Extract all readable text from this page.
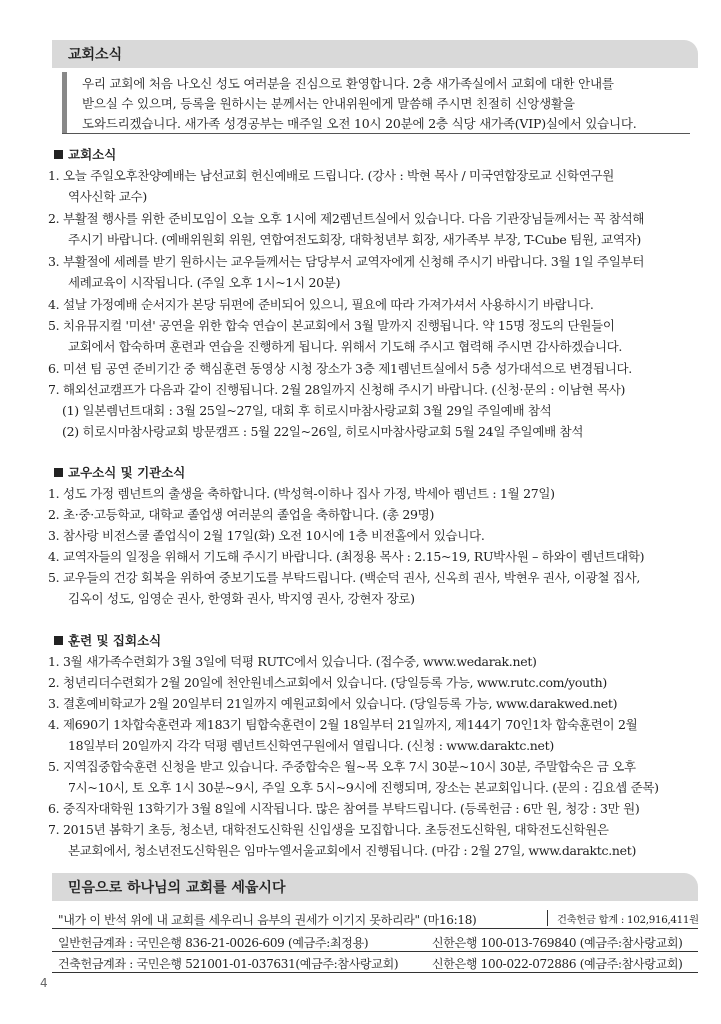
교회소식
우리 교회에 처음 나오신 성도 여러분을 진심으로 환영합니다. 2층 새가족실에서 교회에 대한 안내를
받으실 수 있으며, 등록을 원하시는 분께서는 안내위원에게 말씀해 주시면 친절히 신앙생활을
도와드리겠습니다. 새가족 성경공부는 매주일 오전 10시 20분에 2층 식당 새가족(VIP)실에서 있습니다.
교회소식
1. 오늘 주일오후찬양예배는 남선교회 헌신예배로 드립니다. (강사 : 박현 목사 / 미국연합장로교 신학연구원
역사신학 교수)
2. 부활절 행사를 위한 준비모임이 오늘 오후 1시에 제2렘넌트실에서 있습니다. 다음 기관장님들께서는 꼭 참석해
주시기 바랍니다. (예배위원회 위원, 연합여전도회장, 대학청년부 회장, 새가족부 부장, T-Cube 팀원, 교역자)
3. 부활절에 세례를 받기 원하시는 교우들께서는 담당부서 교역자에게 신청해 주시기 바랍니다. 3월 1일 주일부터
세례교육이 시작됩니다. (주일 오후 1시~1시 20분)
4. 설날 가정예배 순서지가 본당 뒤편에 준비되어 있으니, 필요에 따라 가져가셔서 사용하시기 바랍니다.
5. 치유뮤지컬 '미션' 공연을 위한 합숙 연습이 본교회에서 3월 말까지 진행됩니다. 약 15명 정도의 단원들이
교회에서 합숙하며 훈련과 연습을 진행하게 됩니다. 위해서 기도해 주시고 협력해 주시면 감사하겠습니다.
6. 미션 팀 공연 준비기간 중 핵심훈련 동영상 시청 장소가 3층 제1렘넌트실에서 5층 성가대석으로 변경됩니다.
7. 해외선교캠프가 다음과 같이 진행됩니다. 2월 28일까지 신청해 주시기 바랍니다. (신청·문의 : 이남현 목사)
(1) 일본렘넌트대회 : 3월 25일~27일, 대회 후 히로시마참사랑교회 3월 29일 주일예배 참석
(2) 히로시마참사랑교회 방문캠프 : 5월 22일~26일, 히로시마참사랑교회 5월 24일 주일예배 참석
교우소식 및 기관소식
1. 성도 가정 렘넌트의 출생을 축하합니다. (박성혁-이하나 집사 가정, 박세아 렘넌트 : 1월 27일)
2. 초·중·고등학교, 대학교 졸업생 여러분의 졸업을 축하합니다. (총 29명)
3. 참사랑 비전스쿨 졸업식이 2월 17일(화) 오전 10시에 1층 비전홀에서 있습니다.
4. 교역자들의 일정을 위해서 기도해 주시기 바랍니다. (최정용 목사 : 2.15~19, RU박사원 – 하와이 렘넌트대학)
5. 교우들의 건강 회복을 위하여 중보기도를 부탁드립니다. (백순덕 권사, 신옥희 권사, 박현우 권사, 이광철 집사,
김옥이 성도, 임영순 권사, 한영화 권사, 박지영 권사, 강현자 장로)
훈련 및 집회소식
1. 3월 새가족수련회가 3월 3일에 덕평 RUTC에서 있습니다. (접수중, www.wedarak.net)
2. 청년리더수련회가 2월 20일에 천안원네스교회에서 있습니다. (당일등록 가능, www.rutc.com/youth)
3. 결혼예비학교가 2월 20일부터 21일까지 예원교회에서 있습니다. (당일등록 가능, www.darakwed.net)
4. 제690기 1차합숙훈련과 제183기 팀합숙훈련이 2월 18일부터 21일까지, 제144기 70인1차 합숙훈련이 2월
18일부터 20일까지 각각 덕평 렘넌트신학연구원에서 열립니다. (신청 : www.daraktc.net)
5. 지역집중합숙훈련 신청을 받고 있습니다. 주중합숙은 월~목 오후 7시 30분~10시 30분, 주말합숙은 금 오후
7시~10시, 토 오후 1시 30분~9시, 주일 오후 5시~9시에 진행되며, 장소는 본교회입니다. (문의 : 김요셉 준목)
6. 중직자대학원 13학기가 3월 8일에 시작됩니다. 많은 참여를 부탁드립니다. (등록헌금 : 6만 원, 청강 : 3만 원)
7. 2015년 봄학기 초등, 청소년, 대학전도신학원 신입생을 모집합니다. 초등전도신학원, 대학전도신학원은
본교회에서, 청소년전도신학원은 임마누엘서울교회에서 진행됩니다. (마감 : 2월 27일, www.daraktc.net)
믿음으로 하나님의 교회를 세웁시다
"내가 이 반석 위에 내 교회를 세우리니 음부의 권세가 이기지 못하리라" (마16:18)	건축헌금 합계 : 102,916,411원
일반헌금계좌 : 국민은행 836-21-0026-609 (예금주:최정용)	신한은행 100-013-769840 (예금주:참사랑교회)
건축헌금계좌 : 국민은행 521001-01-037631(예금주:참사랑교회)	신한은행 100-022-072886 (예금주:참사랑교회)
4
